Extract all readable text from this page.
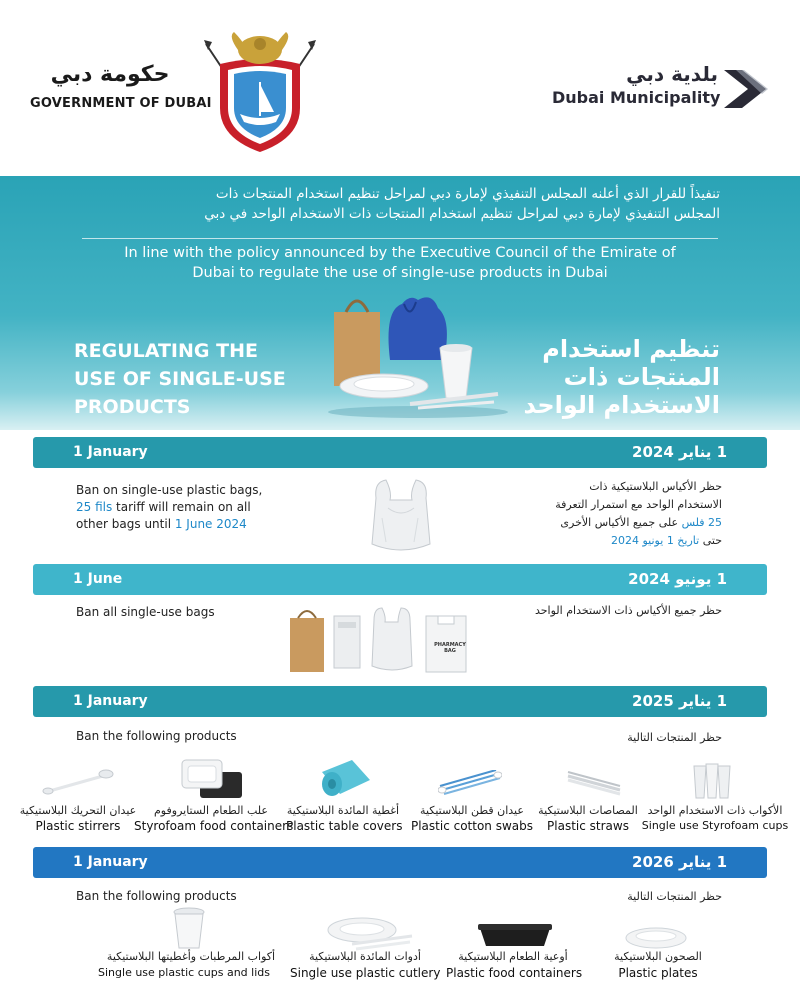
حكومة دبي
GOVERNMENT OF DUBAI
بلدية دبي
Dubai Municipality
تنفيذاً للقرار الذي أعلنه المجلس التنفيذي لإمارة دبي لمراحل تنظيم استخدام المنتجات ذات
المجلس التنفيذي لإمارة دبي لمراحل تنظيم استخدام المنتجات ذات الاستخدام الواحد في دبي
In line with the policy announced by the Executive Council of the Emirate of
Dubai to regulate the use of single-use products in Dubai
REGULATING THE
USE OF SINGLE-USE
PRODUCTS
تنظيم استخدام
المنتجات ذات
الاستخدام الواحد
1 January	1 يناير 2024
Ban on single-use plastic bags,
25 fils tariff will remain on all
other bags until 1 June 2024
حظر الأكياس البلاستيكية ذات
الاستخدام الواحد مع استمرار التعرفة
25 فلس على جميع الأكياس الأخرى
حتى تاريخ 1 يونيو 2024
1 June	1 يونيو 2024
Ban all single-use bags	حظر جميع الأكياس ذات الاستخدام الواحد
PHARMACY BAG
1 January	1 يناير 2025
Ban the following products	حظر المنتجات التالية
عيدان التحريك البلاستيكية
Plastic stirrers
علب الطعام الستايروفوم
Styrofoam food containers
أغطية المائدة البلاستيكية
Plastic table covers
عيدان قطن البلاستيكية
Plastic cotton swabs
المصاصات البلاستيكية
Plastic straws
الأكواب ذات الاستخدام الواحد
Single use Styrofoam cups
1 January	1 يناير 2026
Ban the following products	حظر المنتجات التالية
أكواب المرطبات وأغطيتها البلاستيكية
Single use plastic cups and lids
أدوات المائدة البلاستيكية
Single use plastic cutlery
أوعية الطعام البلاستيكية
Plastic food containers
الصحون البلاستيكية
Plastic plates
